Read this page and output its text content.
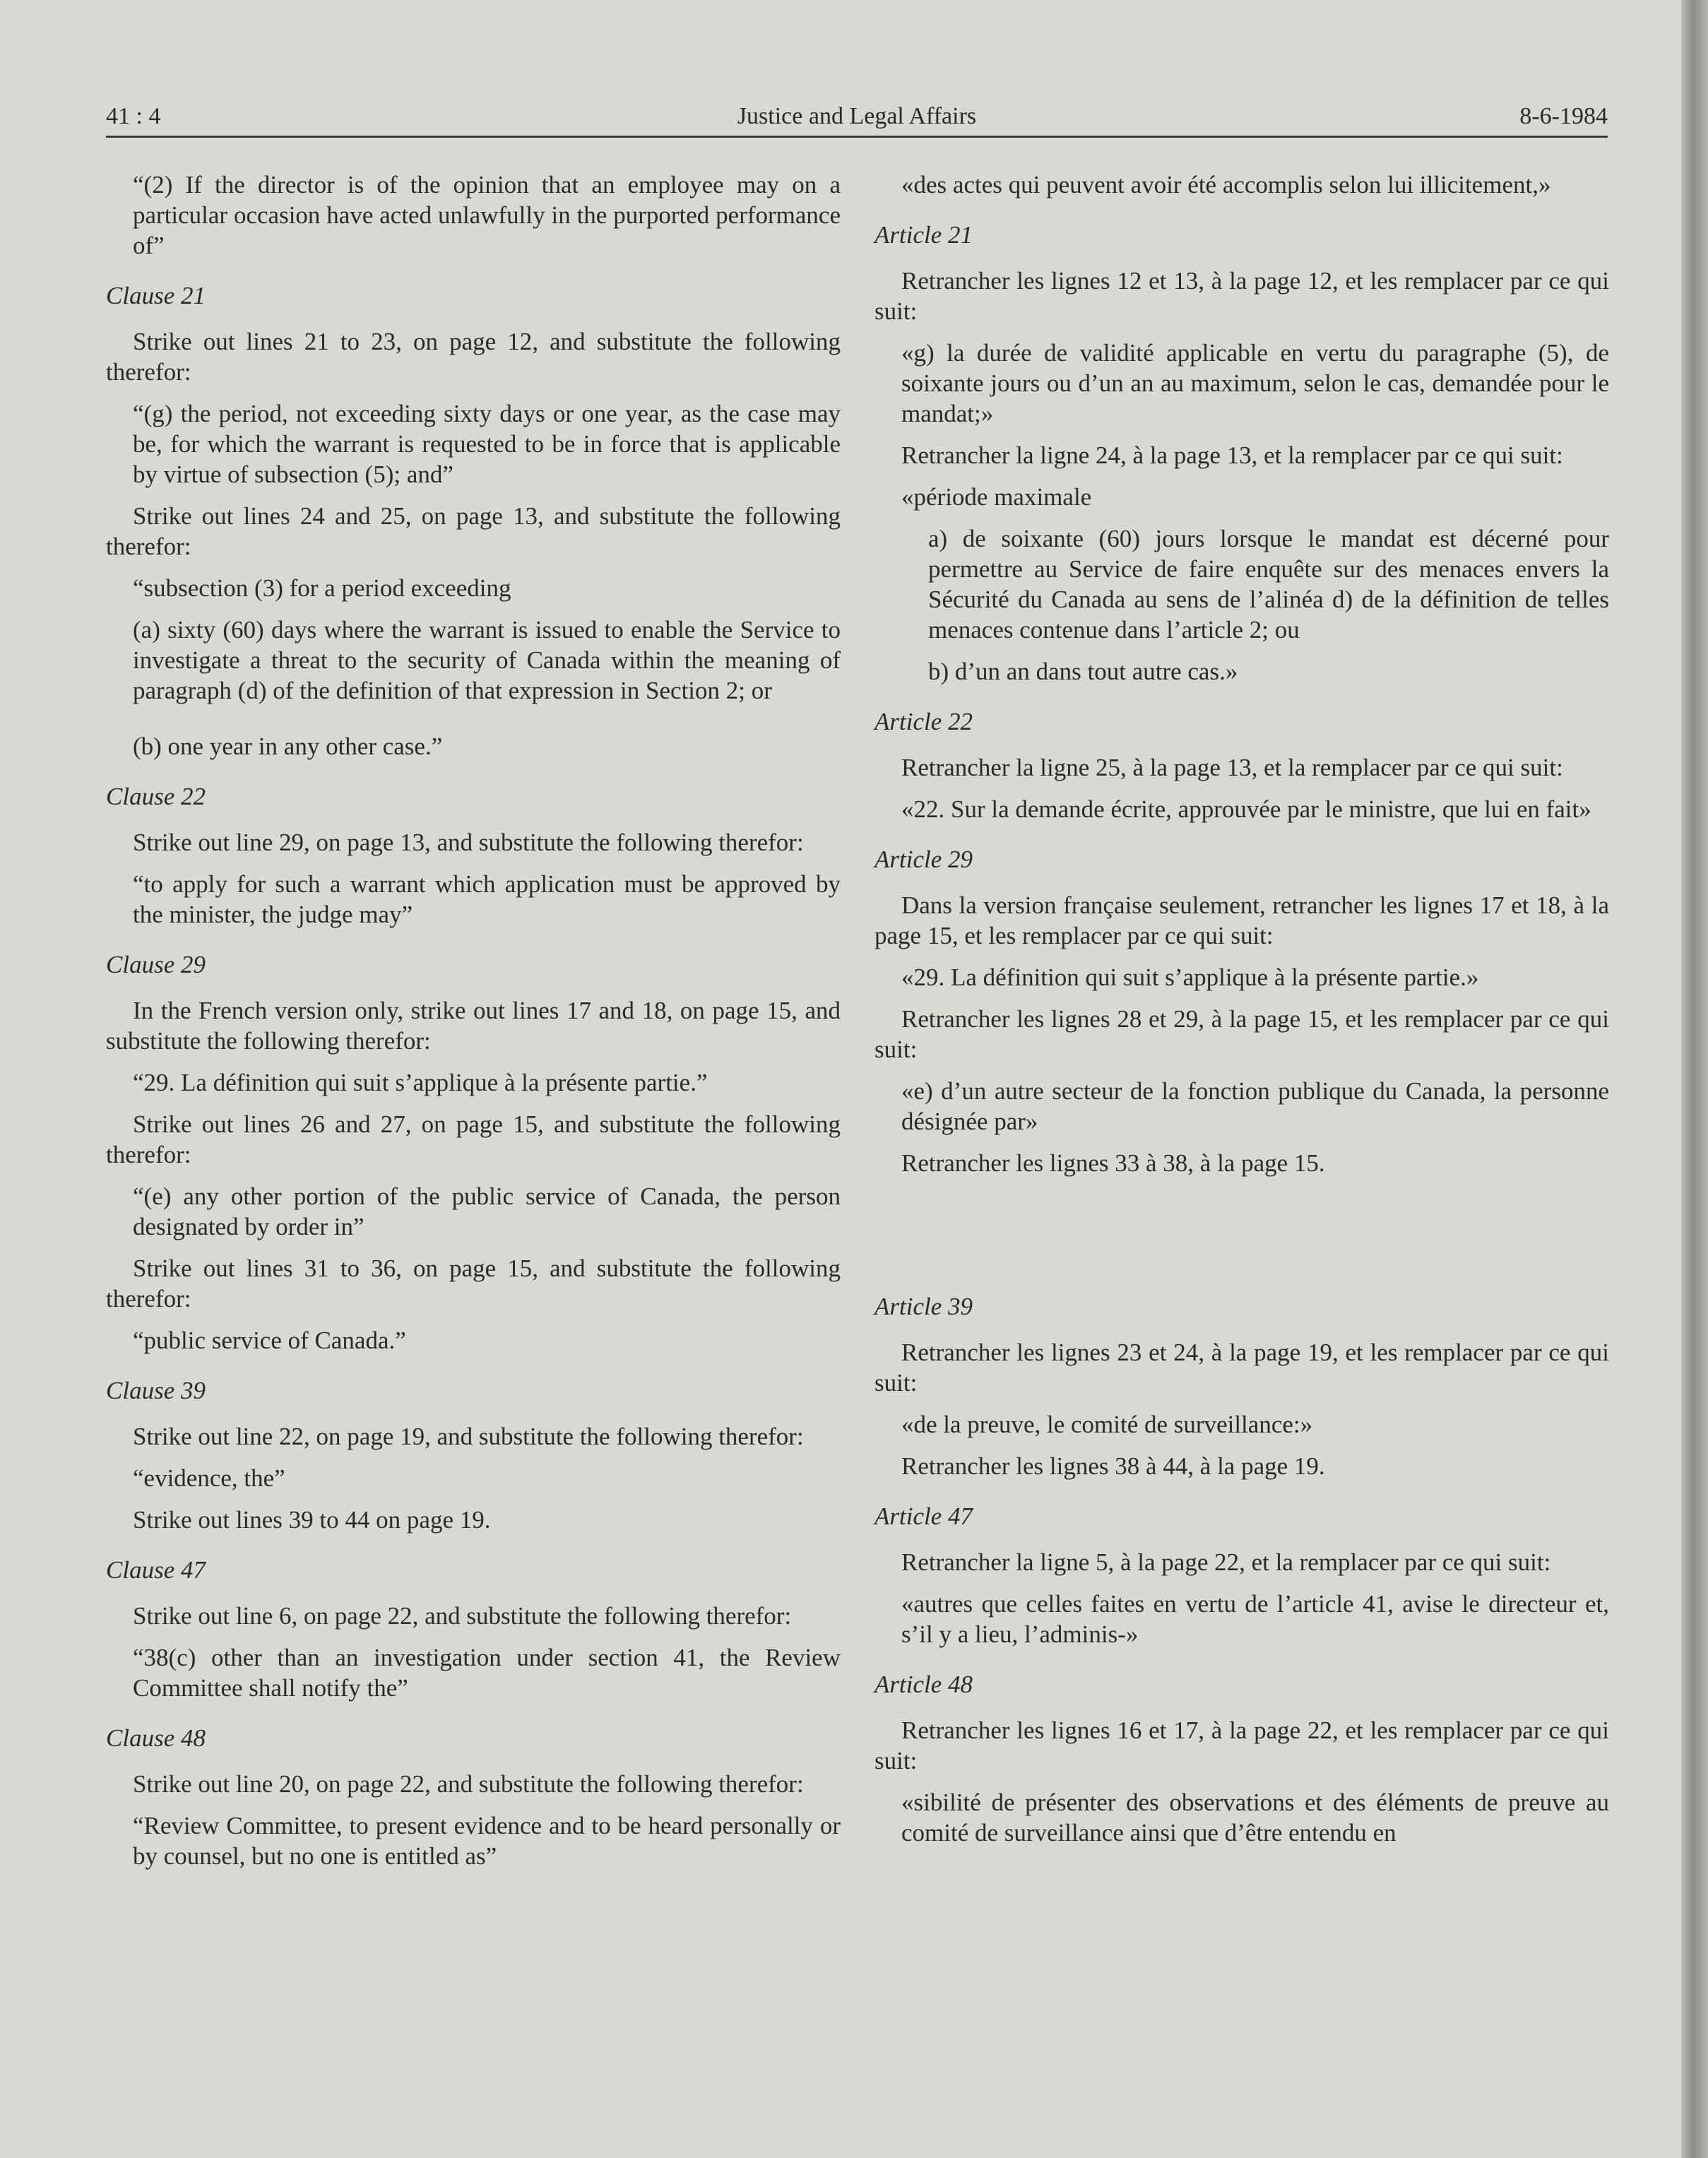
41 : 4	Justice and Legal Affairs	8-6-1984

“(2) If the director is of the opinion that an employee may on a particular occasion have acted unlawfully in the purported performance of”

Clause 21

Strike out lines 21 to 23, on page 12, and substitute the following therefor:

“(g) the period, not exceeding sixty days or one year, as the case may be, for which the warrant is requested to be in force that is applicable by virtue of subsection (5); and”

Strike out lines 24 and 25, on page 13, and substitute the following therefor:

“subsection (3) for a period exceeding

(a) sixty (60) days where the warrant is issued to enable the Service to investigate a threat to the security of Canada within the meaning of paragraph (d) of the definition of that expression in Section 2; or

(b) one year in any other case.”

Clause 22

Strike out line 29, on page 13, and substitute the following therefor:

“to apply for such a warrant which application must be approved by the minister, the judge may”

Clause 29

In the French version only, strike out lines 17 and 18, on page 15, and substitute the following therefor:

“29. La définition qui suit s’applique à la présente partie.”

Strike out lines 26 and 27, on page 15, and substitute the following therefor:

“(e) any other portion of the public service of Canada, the person designated by order in”

Strike out lines 31 to 36, on page 15, and substitute the following therefor:

“public service of Canada.”

Clause 39

Strike out line 22, on page 19, and substitute the following therefor:

“evidence, the”

Strike out lines 39 to 44 on page 19.

Clause 47

Strike out line 6, on page 22, and substitute the following therefor:

“38(c) other than an investigation under section 41, the Review Committee shall notify the”

Clause 48

Strike out line 20, on page 22, and substitute the following therefor:

“Review Committee, to present evidence and to be heard personally or by counsel, but no one is entitled as”

«des actes qui peuvent avoir été accomplis selon lui illicitement,»

Article 21

Retrancher les lignes 12 et 13, à la page 12, et les remplacer par ce qui suit:

«g) la durée de validité applicable en vertu du paragraphe (5), de soixante jours ou d’un an au maximum, selon le cas, demandée pour le mandat;»

Retrancher la ligne 24, à la page 13, et la remplacer par ce qui suit:

«période maximale

a) de soixante (60) jours lorsque le mandat est décerné pour permettre au Service de faire enquête sur des menaces envers la Sécurité du Canada au sens de l’alinéa d) de la définition de telles menaces contenue dans l’article 2; ou

b) d’un an dans tout autre cas.»

Article 22

Retrancher la ligne 25, à la page 13, et la remplacer par ce qui suit:

«22. Sur la demande écrite, approuvée par le ministre, que lui en fait»

Article 29

Dans la version française seulement, retrancher les lignes 17 et 18, à la page 15, et les remplacer par ce qui suit:

«29. La définition qui suit s’applique à la présente partie.»

Retrancher les lignes 28 et 29, à la page 15, et les remplacer par ce qui suit:

«e) d’un autre secteur de la fonction publique du Canada, la personne désignée par»

Retrancher les lignes 33 à 38, à la page 15.

Article 39

Retrancher les lignes 23 et 24, à la page 19, et les remplacer par ce qui suit:

«de la preuve, le comité de surveillance:»

Retrancher les lignes 38 à 44, à la page 19.

Article 47

Retrancher la ligne 5, à la page 22, et la remplacer par ce qui suit:

«autres que celles faites en vertu de l’article 41, avise le directeur et, s’il y a lieu, l’adminis-»

Article 48

Retrancher les lignes 16 et 17, à la page 22, et les remplacer par ce qui suit:

«sibilité de présenter des observations et des éléments de preuve au comité de surveillance ainsi que d’être entendu en
